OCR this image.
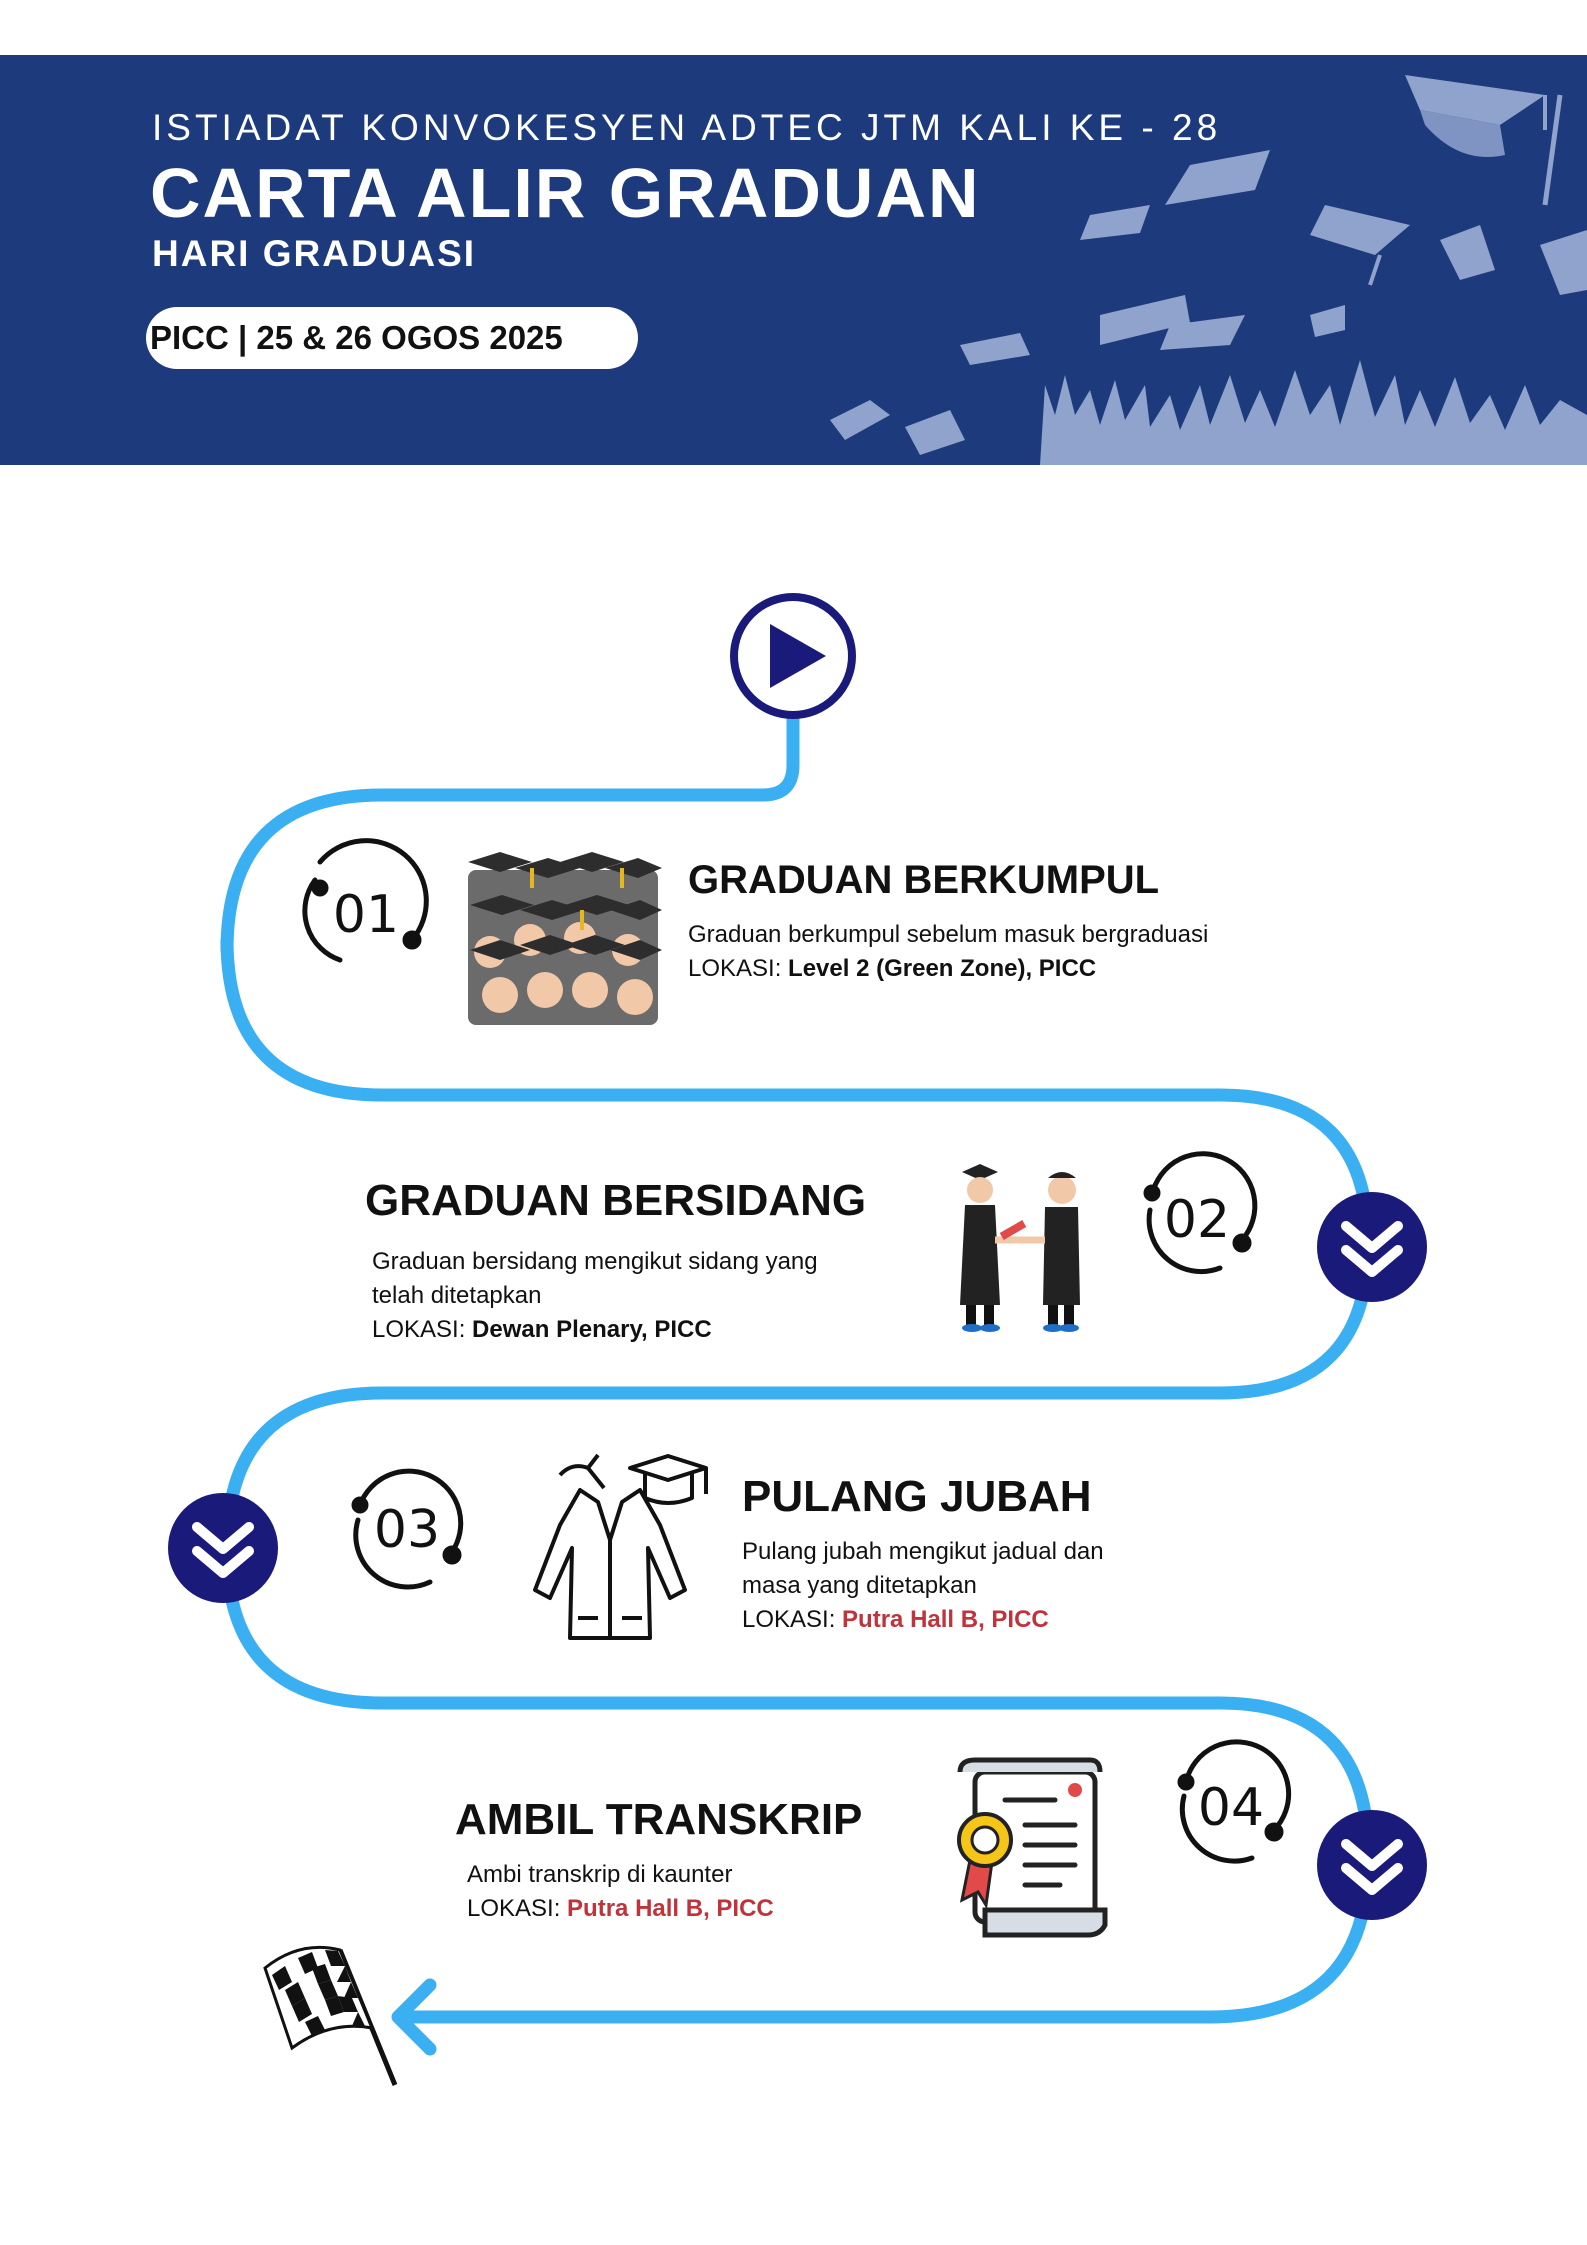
ISTIADAT KONVOKESYEN ADTEC JTM KALI KE - 28
CARTA ALIR GRADUAN
HARI GRADUASI
PICC | 25 & 26 OGOS 2025
01
GRADUAN BERKUMPUL

Graduan berkumpul sebelum masuk bergraduasi

LOKASI: Level 2 (Green Zone), PICC

02
GRADUAN BERSIDANG

Graduan bersidang mengikut sidang yang

telah ditetapkan

LOKASI: Dewan Plenary, PICC

03
PULANG JUBAH

Pulang jubah mengikut jadual dan

masa yang ditetapkan

LOKASI: Putra Hall B, PICC

04
AMBIL TRANSKRIP

Ambi transkrip di kaunter

LOKASI: Putra Hall B, PICC
